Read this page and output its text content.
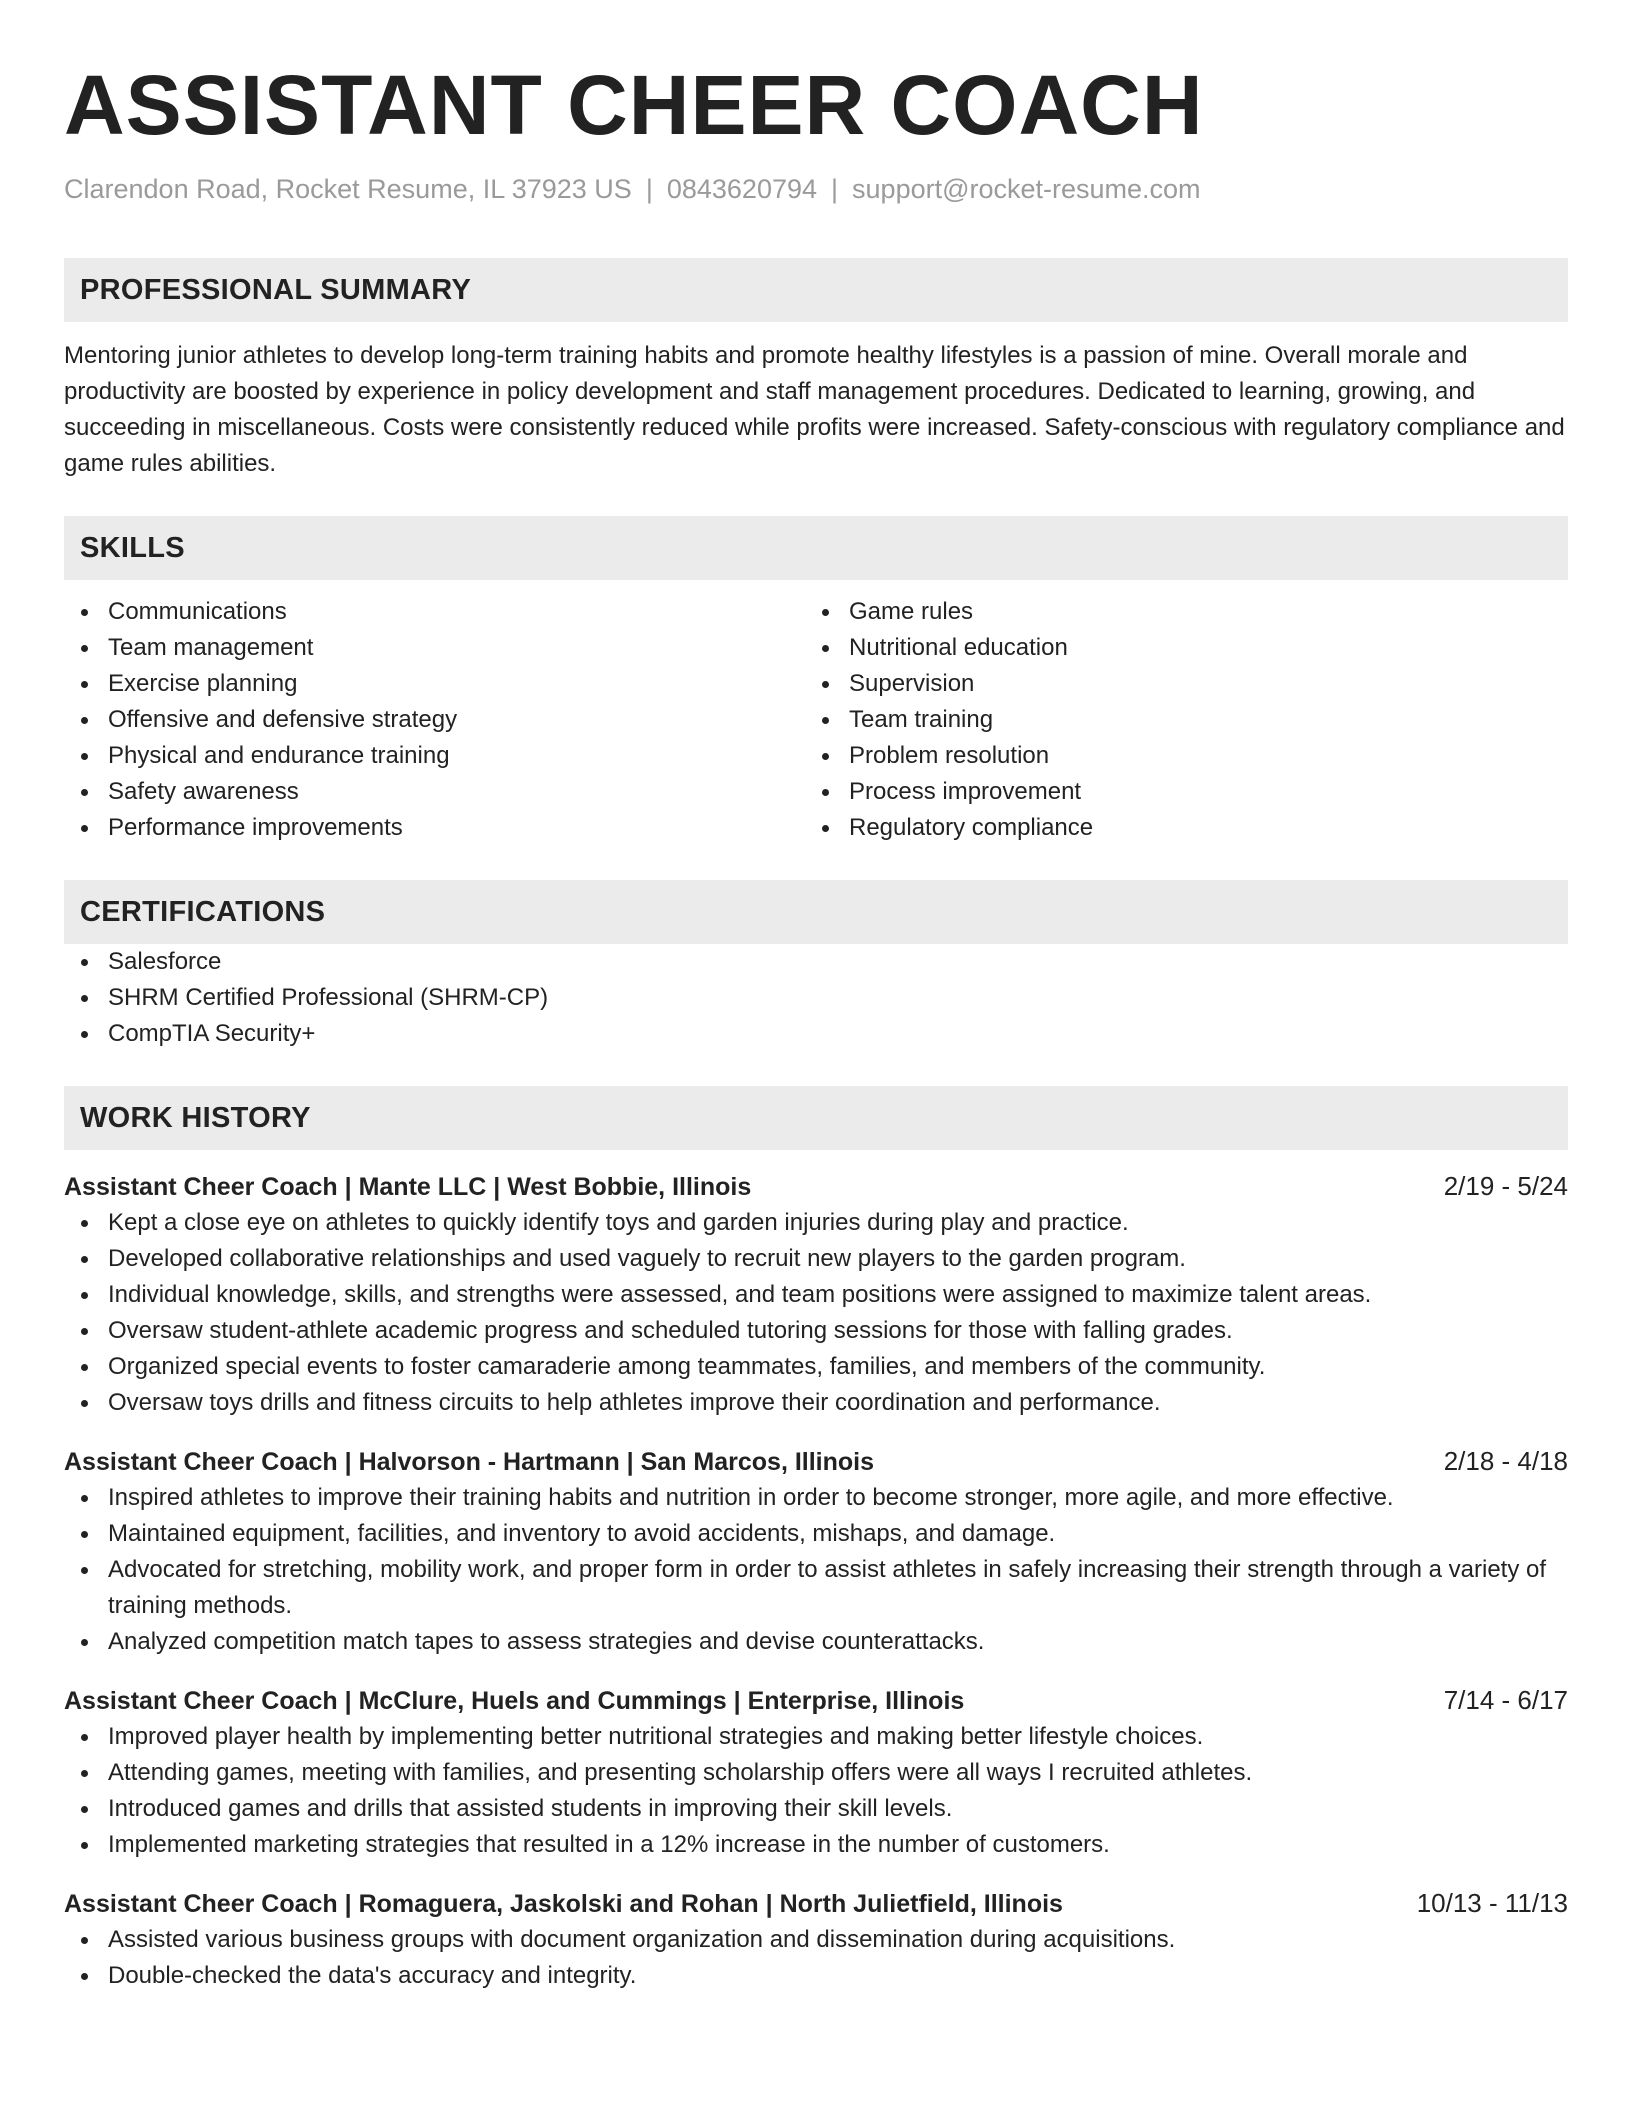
ASSISTANT CHEER COACH
Clarendon Road, Rocket Resume, IL 37923 US | 0843620794 | support@rocket-resume.com
PROFESSIONAL SUMMARY
Mentoring junior athletes to develop long-term training habits and promote healthy lifestyles is a passion of mine. Overall morale and productivity are boosted by experience in policy development and staff management procedures. Dedicated to learning, growing, and succeeding in miscellaneous. Costs were consistently reduced while profits were increased. Safety-conscious with regulatory compliance and game rules abilities.
SKILLS
Communications
Team management
Exercise planning
Offensive and defensive strategy
Physical and endurance training
Safety awareness
Performance improvements
Game rules
Nutritional education
Supervision
Team training
Problem resolution
Process improvement
Regulatory compliance
CERTIFICATIONS
Salesforce
SHRM Certified Professional (SHRM-CP)
CompTIA Security+
WORK HISTORY
Assistant Cheer Coach | Mante LLC | West Bobbie, Illinois	2/19 - 5/24
Kept a close eye on athletes to quickly identify toys and garden injuries during play and practice.
Developed collaborative relationships and used vaguely to recruit new players to the garden program.
Individual knowledge, skills, and strengths were assessed, and team positions were assigned to maximize talent areas.
Oversaw student-athlete academic progress and scheduled tutoring sessions for those with falling grades.
Organized special events to foster camaraderie among teammates, families, and members of the community.
Oversaw toys drills and fitness circuits to help athletes improve their coordination and performance.
Assistant Cheer Coach | Halvorson - Hartmann | San Marcos, Illinois	2/18 - 4/18
Inspired athletes to improve their training habits and nutrition in order to become stronger, more agile, and more effective.
Maintained equipment, facilities, and inventory to avoid accidents, mishaps, and damage.
Advocated for stretching, mobility work, and proper form in order to assist athletes in safely increasing their strength through a variety of training methods.
Analyzed competition match tapes to assess strategies and devise counterattacks.
Assistant Cheer Coach | McClure, Huels and Cummings | Enterprise, Illinois	7/14 - 6/17
Improved player health by implementing better nutritional strategies and making better lifestyle choices.
Attending games, meeting with families, and presenting scholarship offers were all ways I recruited athletes.
Introduced games and drills that assisted students in improving their skill levels.
Implemented marketing strategies that resulted in a 12% increase in the number of customers.
Assistant Cheer Coach | Romaguera, Jaskolski and Rohan | North Julietfield, Illinois	10/13 - 11/13
Assisted various business groups with document organization and dissemination during acquisitions.
Double-checked the data's accuracy and integrity.
